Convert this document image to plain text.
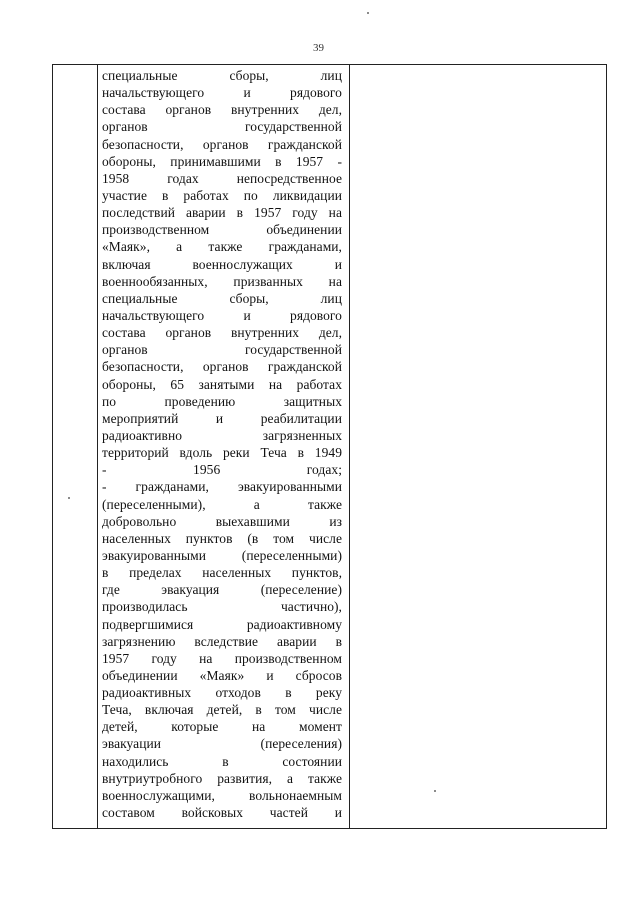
39
специальные сборы, лиц
начальствующего и рядового
состава органов внутренних дел,
органов государственной
безопасности, органов гражданской
обороны, принимавшими в 1957 -
1958 годах непосредственное
участие в работах по ликвидации
последствий аварии в 1957 году на
производственном объединении
«Маяк», а также гражданами,
включая военнослужащих и
военнообязанных, призванных на
специальные сборы, лиц
начальствующего и рядового
состава органов внутренних дел,
органов государственной
безопасности, органов гражданской
обороны, 65 занятыми на работах
по проведению защитных
мероприятий и реабилитации
радиоактивно загрязненных
территорий вдоль реки Теча в 1949
- 1956 годах;
- гражданами, эвакуированными
(переселенными), а также
добровольно выехавшими из
населенных пунктов (в том числе
эвакуированными (переселенными)
в пределах населенных пунктов,
где эвакуация (переселение)
производилась частично),
подвергшимися радиоактивному
загрязнению вследствие аварии в
1957 году на производственном
объединении «Маяк» и сбросов
радиоактивных отходов в реку
Теча, включая детей, в том числе
детей, которые на момент
эвакуации (переселения)
находились в состоянии
внутриутробного развития, а также
военнослужащими, вольнонаемным
составом войсковых частей и
